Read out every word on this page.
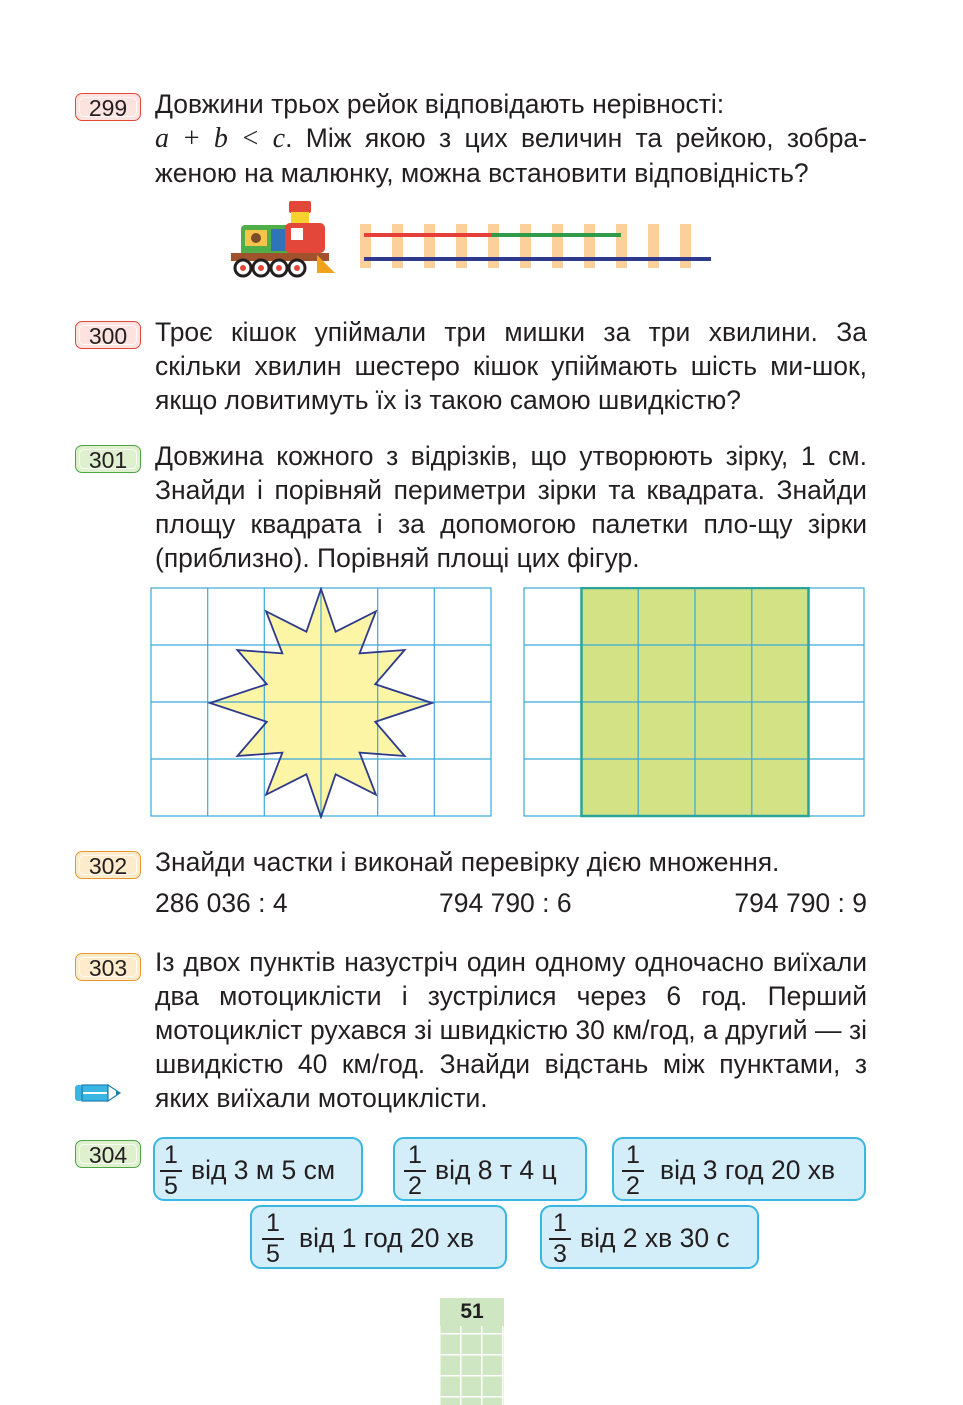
299	Довжини трьох рейок відповідають нерівності:

a + b < c. Між якою з цих величин та рейкою, зобра-

женою на малюнку, можна встановити відповідність?

300	Троє кішок упіймали три мишки за три хвилини. За скільки хвилин шестеро кішок упіймають шість ми-шок, якщо ловитимуть їх із такою самою швидкістю?
301	Довжина кожного з відрізків, що утворюють зірку, 1 см. Знайди і порівняй периметри зірки та квадрата. Знайди площу квадрата і за допомогою палетки пло-щу зірки (приблизно). Порівняй площі цих фігур.
302	Знайди частки і виконай перевірку дією множення.
286 036 : 4	794 790 : 6	794 790 : 9
303	Із двох пунктів назустріч один одному одночасно виїхали два мотоциклісти і зустрілися через 6 год. Перший мотоцикліст рухався зі швидкістю 30 км/год, а другий — зі швидкістю 40 км/год. Знайди відстань між пунктами, з яких виїхали мотоциклісти.
304	$\frac{1}{5}$ від 3 м 5 см	$\frac{1}{2}$ від 8 т 4 ц	$\frac{1}{2}$ від 3 год 20 хв
$\frac{1}{5}$ від 1 год 20 хв	$\frac{1}{3}$ від 2 хв 30 с
51
